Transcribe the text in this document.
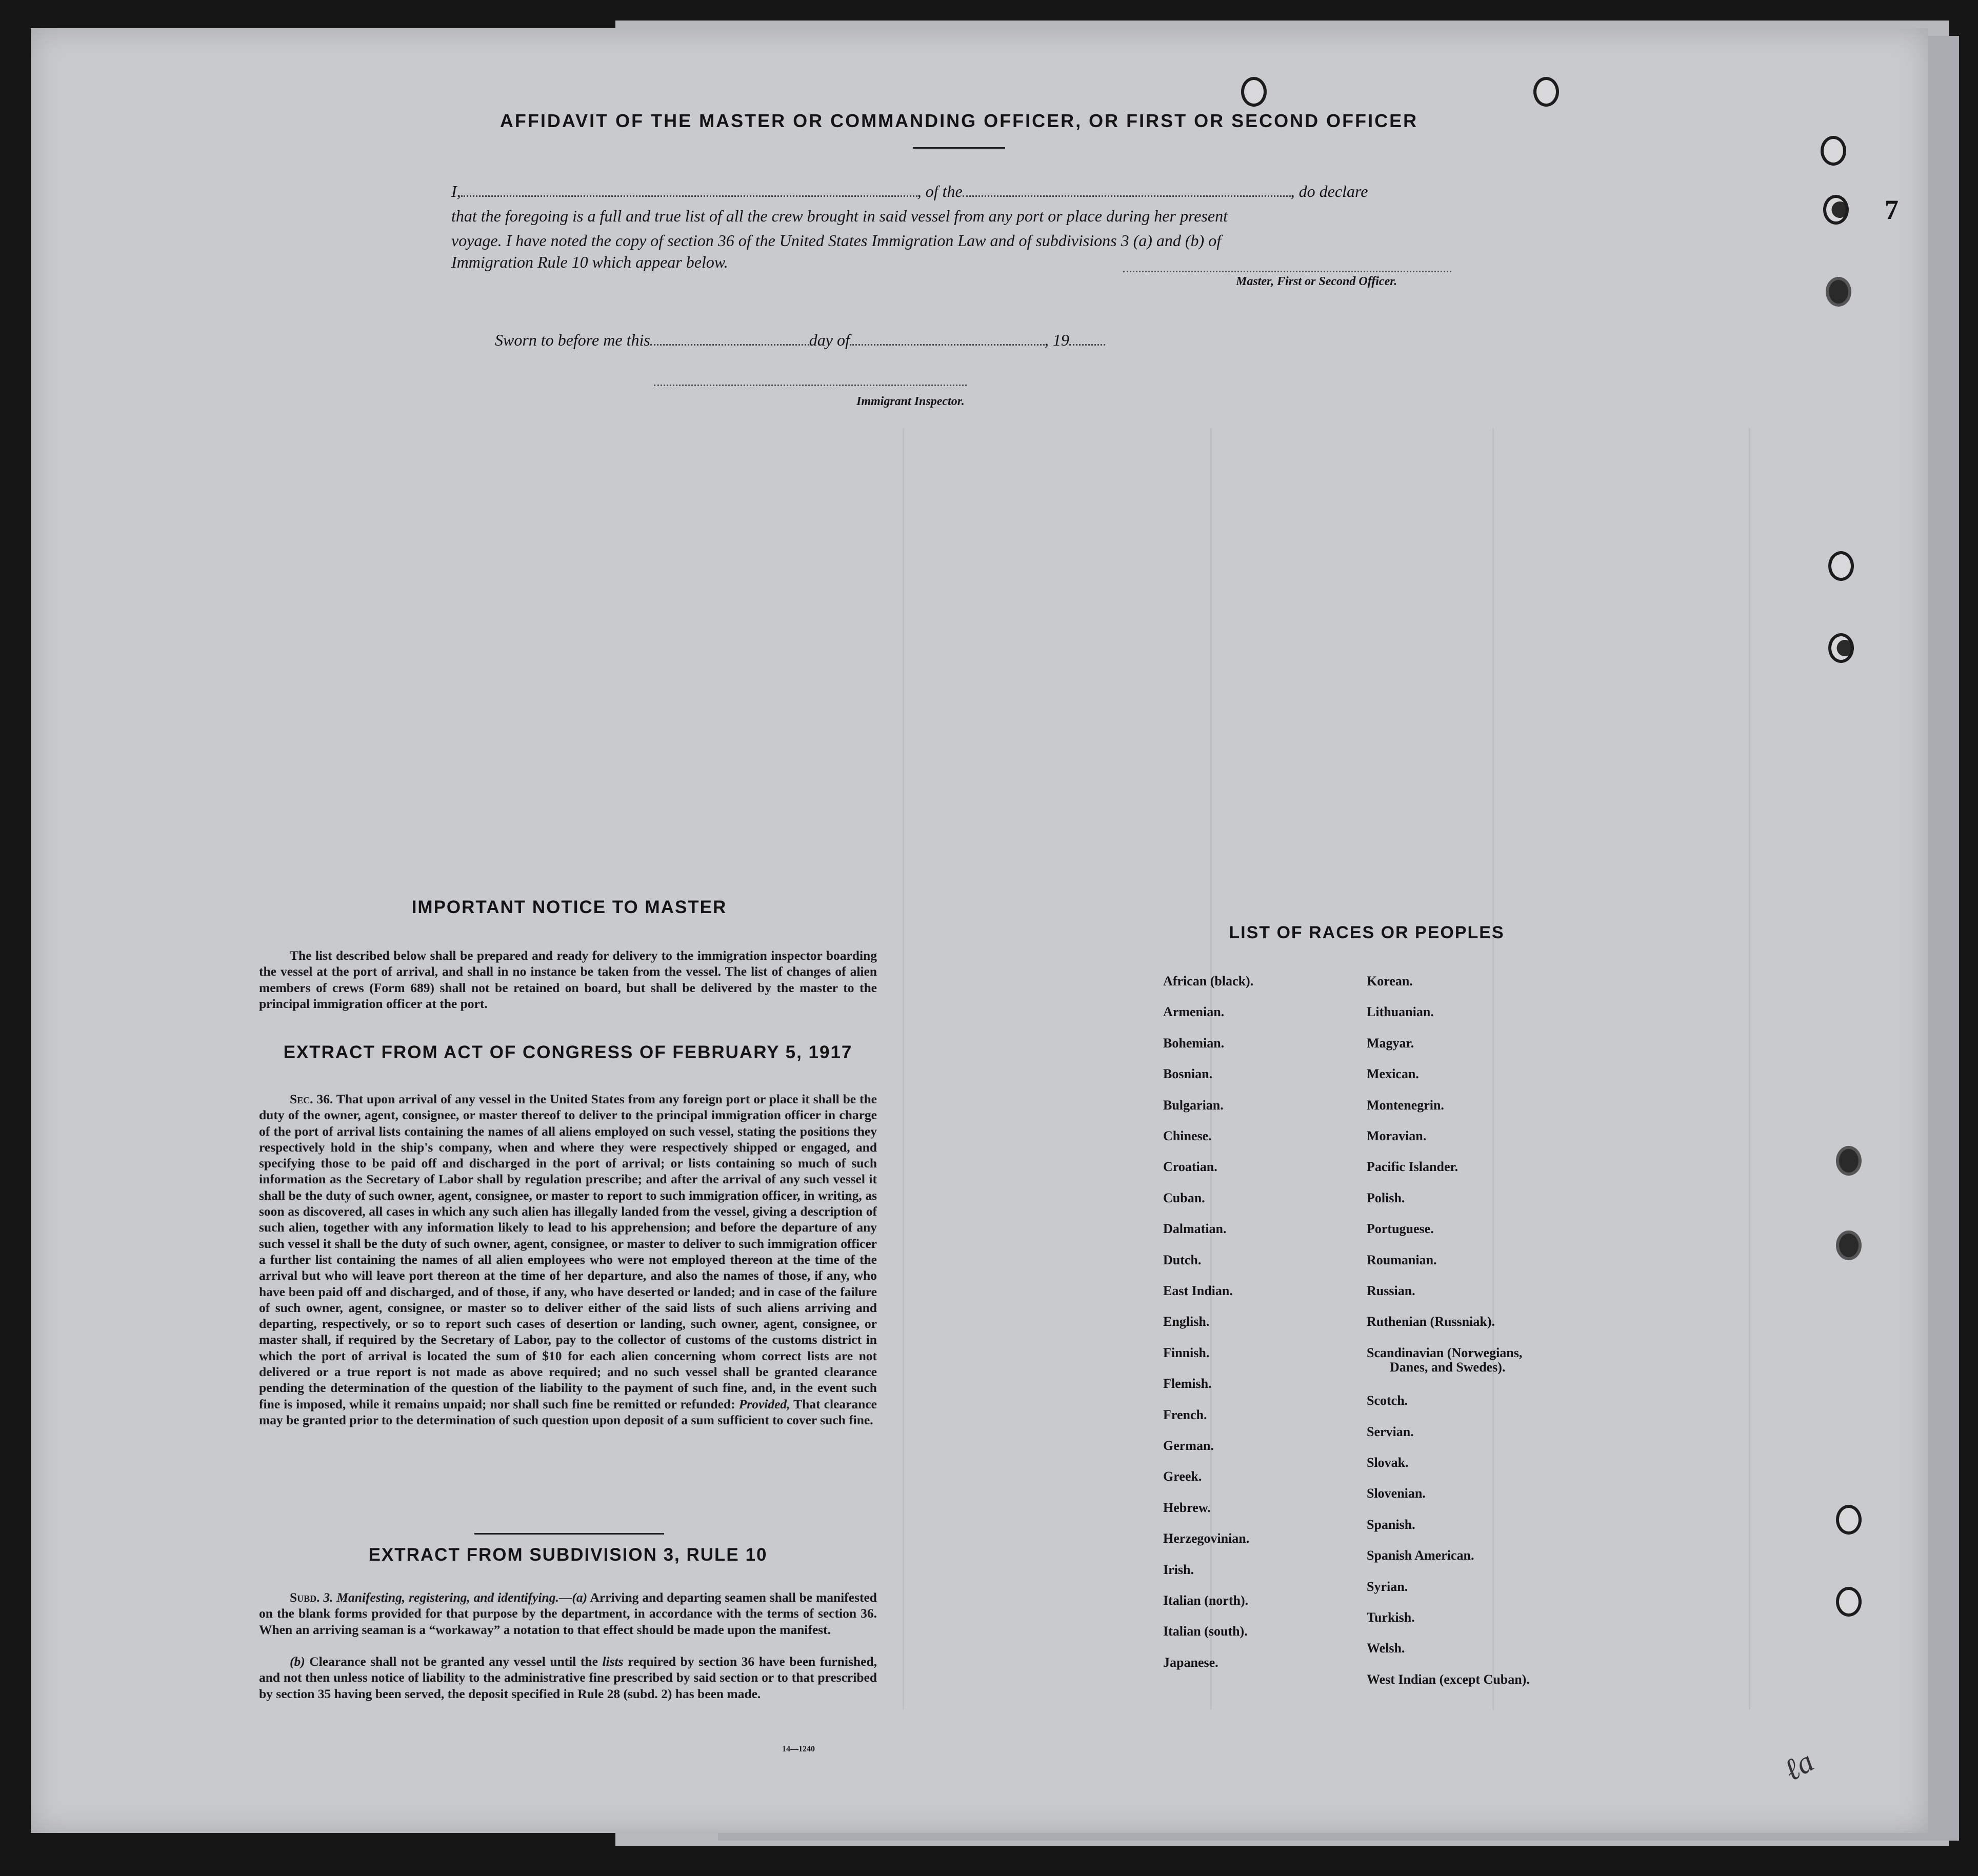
7
AFFIDAVIT OF THE MASTER OR COMMANDING OFFICER, OR FIRST OR SECOND OFFICER
I,	, of the	, do declare
that the foregoing is a full and true list of all the crew brought in said vessel from any port or place during her present
voyage. I have noted the copy of section 36 of the United States Immigration Law and of subdivisions 3 (a) and (b) of
Immigration Rule 10 which appear below.
Master, First or Second Officer.
Sworn to before me this	day of	, 19
Immigrant Inspector.
IMPORTANT NOTICE TO MASTER
The list described below shall be prepared and ready for delivery to the immigration inspector boarding the vessel at the port of arrival, and shall in no instance be taken from the vessel. The list of changes of alien members of crews (Form 689) shall not be retained on board, but shall be delivered by the master to the principal immigration officer at the port.
EXTRACT FROM ACT OF CONGRESS OF FEBRUARY 5, 1917
Sec. 36. That upon arrival of any vessel in the United States from any foreign port or place it shall be the duty of the owner, agent, consignee, or master thereof to deliver to the principal immigration officer in charge of the port of arrival lists containing the names of all aliens employed on such vessel, stating the positions they respectively hold in the ship's company, when and where they were respectively shipped or engaged, and specifying those to be paid off and discharged in the port of arrival; or lists containing so much of such information as the Secretary of Labor shall by regulation prescribe; and after the arrival of any such vessel it shall be the duty of such owner, agent, consignee, or master to report to such immigration officer, in writing, as soon as discovered, all cases in which any such alien has illegally landed from the vessel, giving a description of such alien, together with any information likely to lead to his apprehension; and before the departure of any such vessel it shall be the duty of such owner, agent, consignee, or master to deliver to such immigration officer a further list containing the names of all alien employees who were not employed thereon at the time of the arrival but who will leave port thereon at the time of her departure, and also the names of those, if any, who have been paid off and discharged, and of those, if any, who have deserted or landed; and in case of the failure of such owner, agent, consignee, or master so to deliver either of the said lists of such aliens arriving and departing, respectively, or so to report such cases of desertion or landing, such owner, agent, consignee, or master shall, if required by the Secretary of Labor, pay to the collector of customs of the customs district in which the port of arrival is located the sum of $10 for each alien concerning whom correct lists are not delivered or a true report is not made as above required; and no such vessel shall be granted clearance pending the determination of the question of the liability to the payment of such fine, and, in the event such fine is imposed, while it remains unpaid; nor shall such fine be remitted or refunded: Provided, That clearance may be granted prior to the determination of such question upon deposit of a sum sufficient to cover such fine.
EXTRACT FROM SUBDIVISION 3, RULE 10
Subd. 3. Manifesting, registering, and identifying.—(a) Arriving and departing seamen shall be manifested on the blank forms provided for that purpose by the department, in accordance with the terms of section 36. When an arriving seaman is a “workaway” a notation to that effect should be made upon the manifest.
(b) Clearance shall not be granted any vessel until the lists required by section 36 have been furnished, and not then unless notice of liability to the administrative fine prescribed by said section or to that prescribed by section 35 having been served, the deposit specified in Rule 28 (subd. 2) has been made.
14—1240
LIST OF RACES OR PEOPLES
African (black).
Armenian.
Bohemian.
Bosnian.
Bulgarian.
Chinese.
Croatian.
Cuban.
Dalmatian.
Dutch.
East Indian.
English.
Finnish.
Flemish.
French.
German.
Greek.
Hebrew.
Herzegovinian.
Irish.
Italian (north).
Italian (south).
Japanese.
Korean.
Lithuanian.
Magyar.
Mexican.
Montenegrin.
Moravian.
Pacific Islander.
Polish.
Portuguese.
Roumanian.
Russian.
Ruthenian (Russniak).
Scandinavian (Norwegians,
Danes, and Swedes).
Scotch.
Servian.
Slovak.
Slovenian.
Spanish.
Spanish American.
Syrian.
Turkish.
Welsh.
West Indian (except Cuban).
ℓa
